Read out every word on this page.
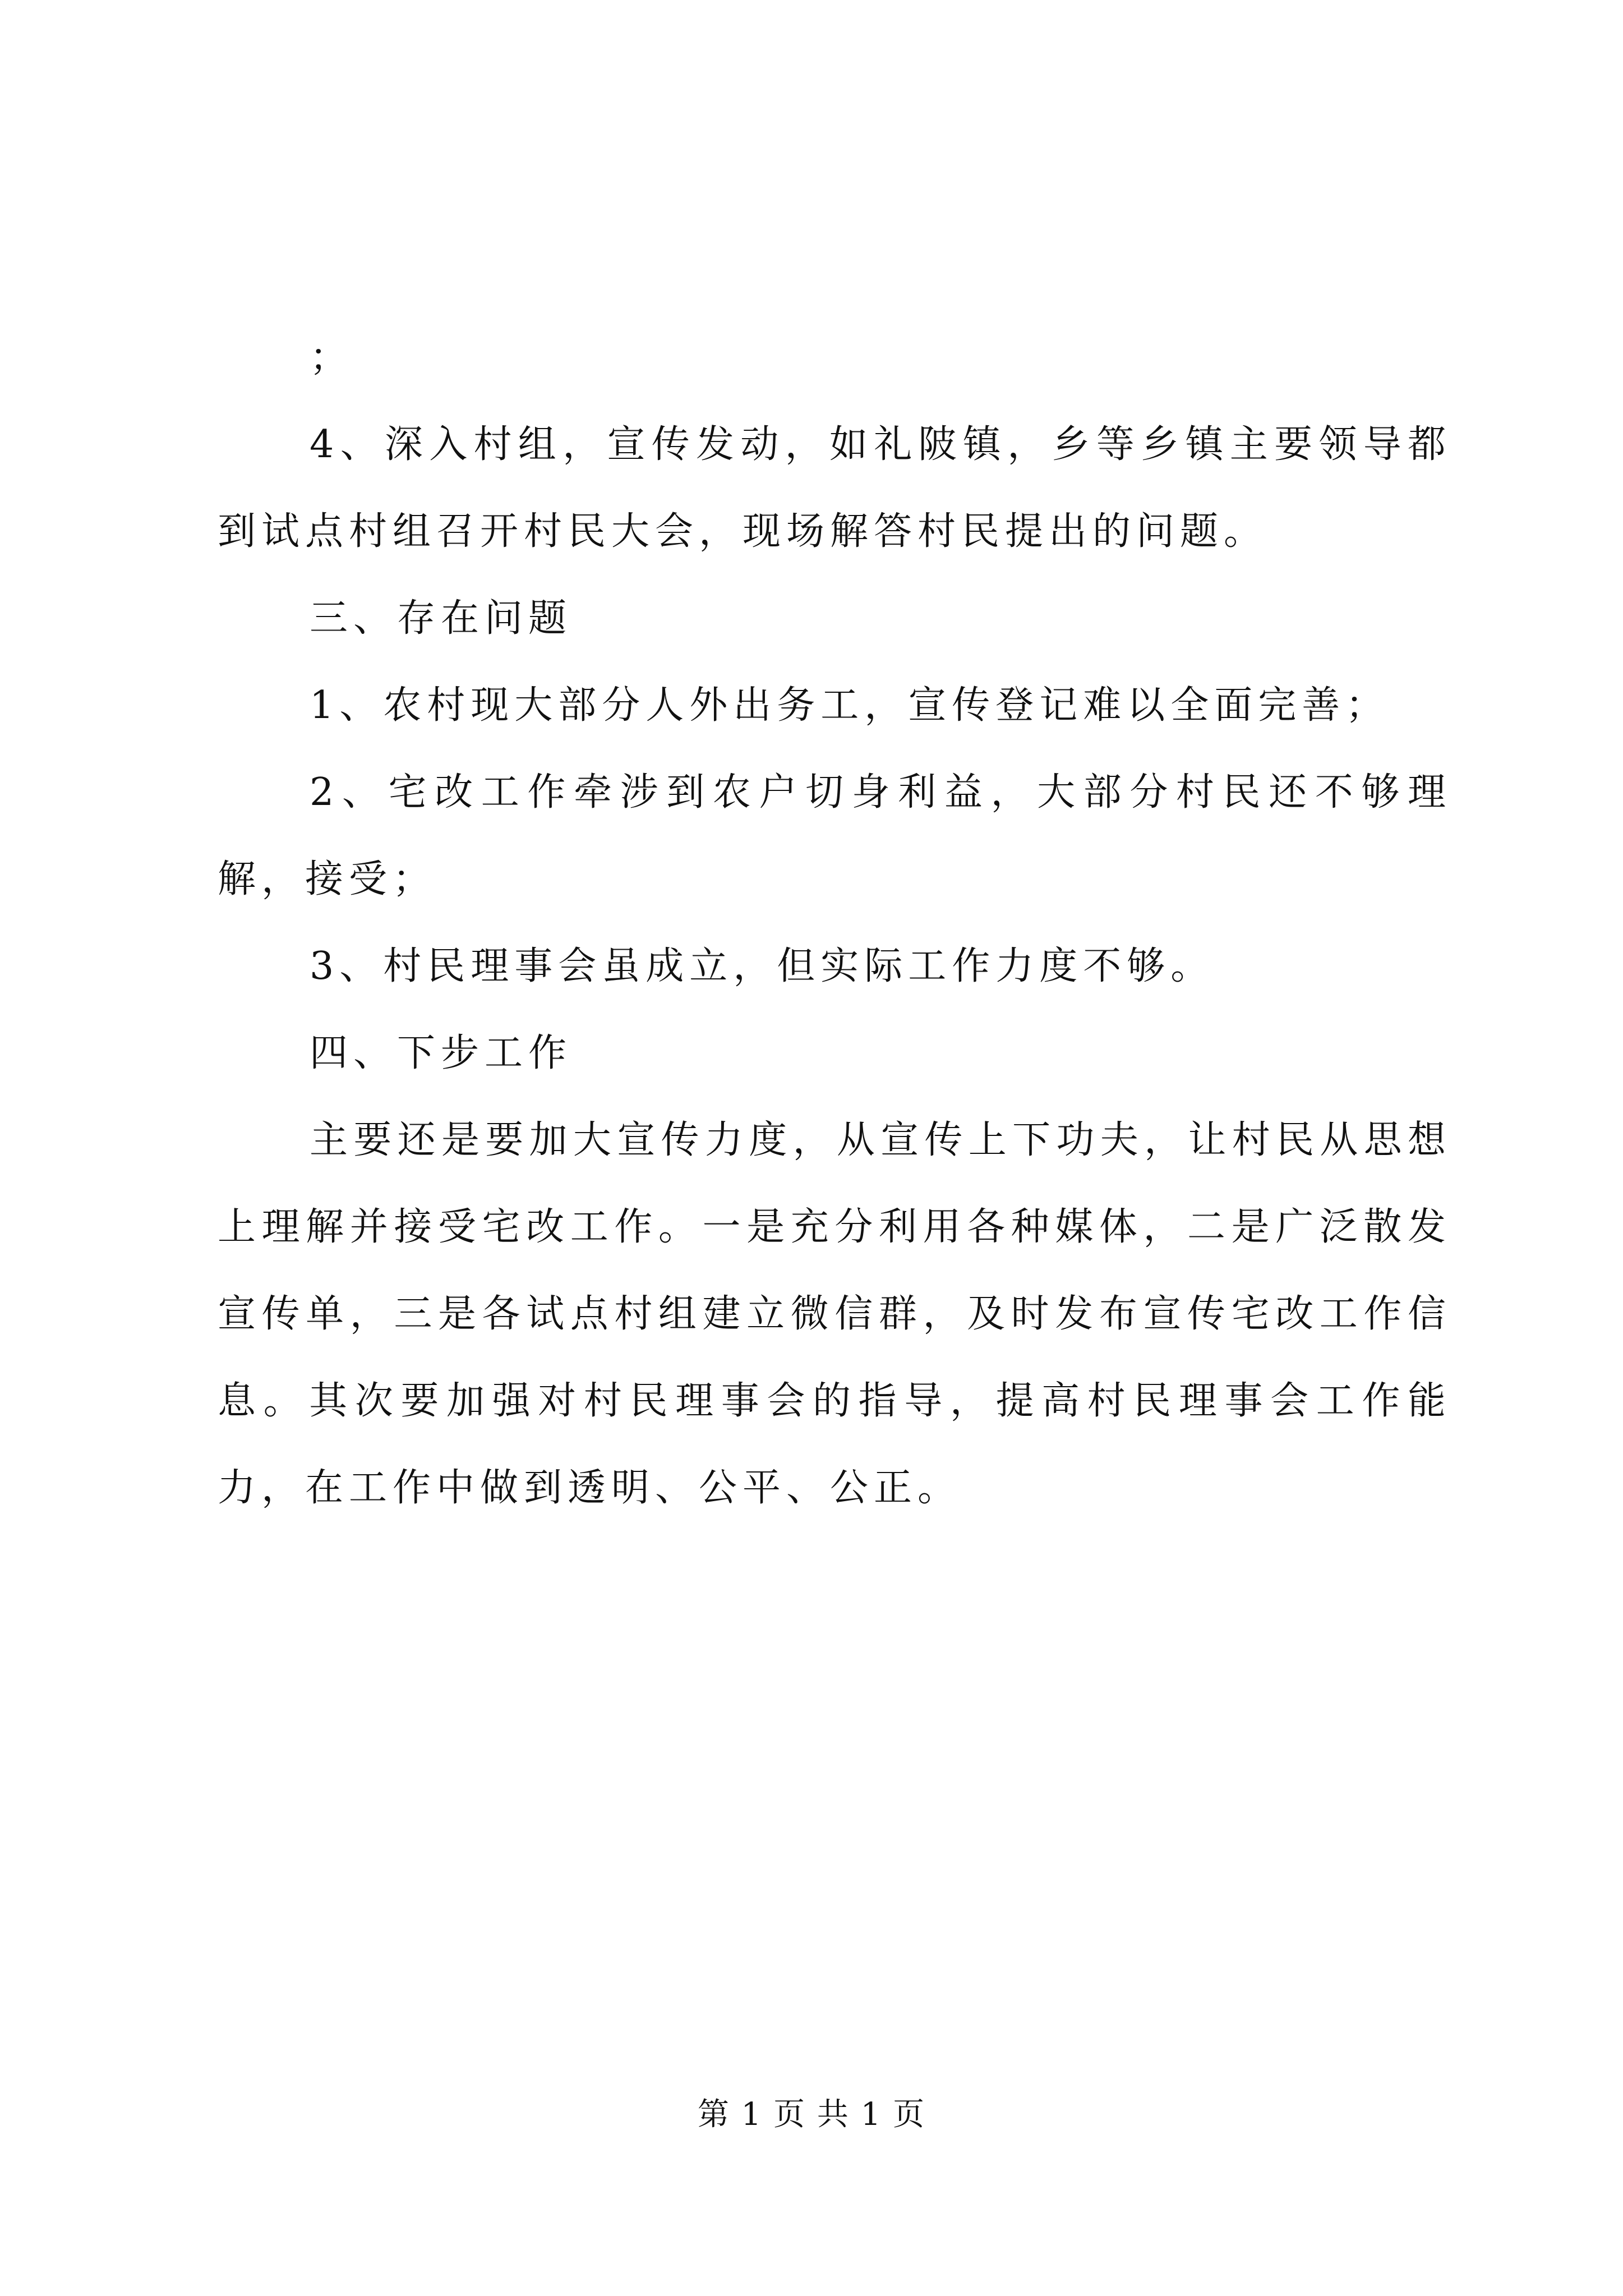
；

4、深入村组，宣传发动，如礼陂镇，乡等乡镇主要领导都到试点村组召开村民大会，现场解答村民提出的问题。

三、存在问题

1、农村现大部分人外出务工，宣传登记难以全面完善；

2、宅改工作牵涉到农户切身利益，大部分村民还不够理解，接受；

3、村民理事会虽成立，但实际工作力度不够。

四、下步工作

主要还是要加大宣传力度，从宣传上下功夫，让村民从思想上理解并接受宅改工作。一是充分利用各种媒体，二是广泛散发宣传单，三是各试点村组建立微信群，及时发布宣传宅改工作信息。其次要加强对村民理事会的指导，提高村民理事会工作能力，在工作中做到透明、公平、公正。

第 1 页 共 1 页
